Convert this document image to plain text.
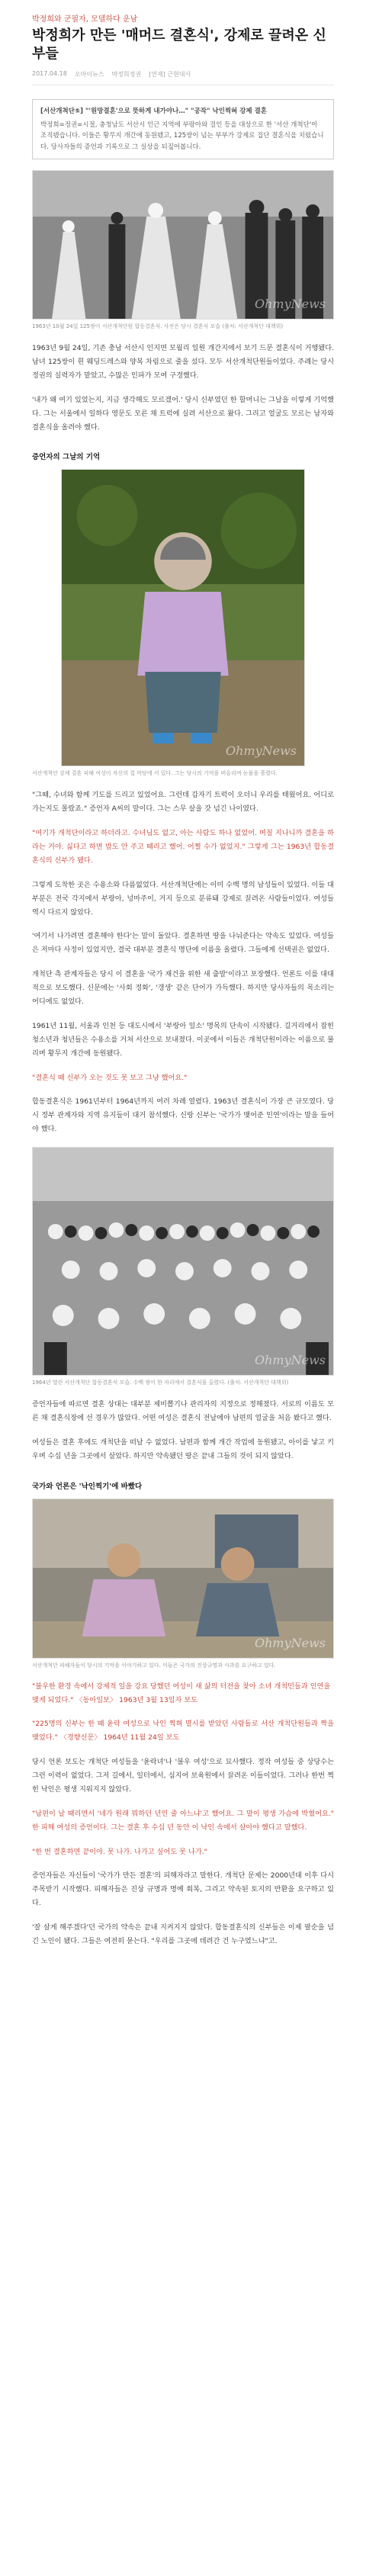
박정희와 군필자, 모델하다 운남
박정희가 만든 '매머드 결혼식', 강제로 끌려온 신부들
2017.04.18 오마이뉴스 박정희정권 [연재] 근현대사
[서산개척단⑤] "'원망결혼'으로 뜻하게 내가야나…" "공작" 낙인찍혀 강제 결혼
박정희=정권=시절, 충청남도 서산시 인근 지역에 부랑아와 걸인 등을 대상으로 한 '서산 개척단'이 조직됐습니다. 이들은 황무지 개간에 동원됐고, 125쌍이 넘는 부부가 강제로 집단 결혼식을 치렀습니다. 당사자들의 증언과 기록으로 그 실상을 되짚어봅니다.
OhmyNews
1963년 10월 24일 125쌍이 서산개척단원 합동결혼식. 사진은 당시 결혼식 모습 (출처: 서산개척단 대책위)

1963년 9월 24일, 기존 충남 서산시 인지면 모월리 일원 개간지에서 보기 드문 결혼식이 거행됐다. 남녀 125쌍이 흰 웨딩드레스와 양복 차림으로 줄을 섰다. 모두 서산개척단원들이었다. 주례는 당시 정권의 실력자가 맡았고, 수많은 인파가 모여 구경했다.

'내가 왜 여기 있었는지, 지금 생각해도 모르겠어.' 당시 신부였던 한 할머니는 그날을 이렇게 기억했다. 그는 서울에서 일하다 영문도 모른 채 트럭에 실려 서산으로 왔다. 그리고 얼굴도 모르는 남자와 결혼식을 올려야 했다.

증언자의 그날의 기억
OhmyNews
서산개척단 강제 결혼 피해 여성이 자신의 집 마당에 서 있다. 그는 당시의 기억을 떠올리며 눈물을 흘렸다.

"그때, 수녀와 함께 기도를 드리고 있었어요. 그런데 갑자기 트럭이 오더니 우리를 태웠어요. 어디로 가는지도 몰랐죠." 증언자 A씨의 말이다. 그는 스무 살을 갓 넘긴 나이였다.

"여기가 개척단이라고 하더라고. 수녀님도 없고, 아는 사람도 하나 없었어. 며칠 지나니까 결혼을 하라는 거야. 싫다고 하면 밥도 안 주고 때리고 했어. 어쩔 수가 없었지." 그렇게 그는 1963년 합동결혼식의 신부가 됐다.

그렇게 도착한 곳은 수용소와 다름없었다. 서산개척단에는 이미 수백 명의 남성들이 있었다. 이들 대부분은 전국 각지에서 부랑아, 넝마주이, 거지 등으로 분류돼 강제로 끌려온 사람들이었다. 여성들 역시 다르지 않았다.

'여기서 나가려면 결혼해야 한다'는 말이 돌았다. 결혼하면 땅을 나눠준다는 약속도 있었다. 여성들은 저마다 사정이 있었지만, 결국 대부분 결혼식 명단에 이름을 올렸다. 그들에게 선택권은 없었다.

개척단 측 관계자들은 당시 이 결혼을 '국가 재건을 위한 새 출발'이라고 포장했다. 언론도 이를 대대적으로 보도했다. 신문에는 '사회 정화', '갱생' 같은 단어가 가득했다. 하지만 당사자들의 목소리는 어디에도 없었다.

1961년 11월, 서울과 인천 등 대도시에서 '부랑아 일소' 명목의 단속이 시작됐다. 길거리에서 잡힌 청소년과 청년들은 수용소를 거쳐 서산으로 보내졌다. 이곳에서 이들은 개척단원이라는 이름으로 불리며 황무지 개간에 동원됐다.

"결혼식 때 신부가 오는 것도 못 보고 그냥 했어요."

합동결혼식은 1961년부터 1964년까지 여러 차례 열렸다. 1963년 결혼식이 가장 큰 규모였다. 당시 정부 관계자와 지역 유지들이 대거 참석했다. 신랑 신부는 '국가가 맺어준 인연'이라는 말을 들어야 했다.

OhmyNews
1964년 열린 서산개척단 합동결혼식 모습. 수백 쌍이 한 자리에서 결혼식을 올렸다. (출처: 서산개척단 대책위)

증언자들에 따르면 결혼 상대는 대부분 제비뽑기나 관리자의 지정으로 정해졌다. 서로의 이름도 모른 채 결혼식장에 선 경우가 많았다. 어떤 여성은 결혼식 전날에야 남편의 얼굴을 처음 봤다고 했다.

여성들은 결혼 후에도 개척단을 떠날 수 없었다. 남편과 함께 개간 작업에 동원됐고, 아이를 낳고 키우며 수십 년을 그곳에서 살았다. 하지만 약속됐던 땅은 끝내 그들의 것이 되지 않았다.

국가와 언론은 '낙인찍기'에 바빴다
OhmyNews
서산개척단 피해자들이 당시의 기억을 이야기하고 있다. 이들은 국가의 진상규명과 사과를 요구하고 있다.
"불우한 환경 속에서 강제적 일을 강요 당했던 여성이 새 삶의 터전을 찾아 소녀 개척민들과 인연을 맺게 되었다." 〈동아일보〉 1963년 3월 13일자 보도

"225명의 신부는 한 때 윤락 여성으로 낙인 찍혀 멸시를 받았던 사람들로 서산 개척단원들과 짝을 맺었다." 〈경향신문〉 1964년 11월 24일 보도

당시 언론 보도는 개척단 여성들을 '윤락녀'나 '불우 여성'으로 묘사했다. 정작 여성들 중 상당수는 그런 이력이 없었다. 그저 길에서, 일터에서, 심지어 보육원에서 끌려온 이들이었다. 그러나 한번 찍힌 낙인은 평생 지워지지 않았다.

"남편이 날 때리면서 '네가 원래 뭐하던 년인 줄 아느냐'고 했어요. 그 말이 평생 가슴에 박혔어요." 한 피해 여성의 증언이다. 그는 결혼 후 수십 년 동안 이 낙인 속에서 살아야 했다고 말했다.

"한 번 결혼하면 끝이야. 못 나가. 나가고 싶어도 못 나가."

증언자들은 자신들이 '국가가 만든 결혼'의 피해자라고 말한다. 개척단 문제는 2000년대 이후 다시 주목받기 시작했다. 피해자들은 진상 규명과 명예 회복, 그리고 약속된 토지의 반환을 요구하고 있다.

'잘 살게 해주겠다'던 국가의 약속은 끝내 지켜지지 않았다. 합동결혼식의 신부들은 이제 팔순을 넘긴 노인이 됐다. 그들은 여전히 묻는다. "우리를 그곳에 데려간 건 누구였느냐"고.
